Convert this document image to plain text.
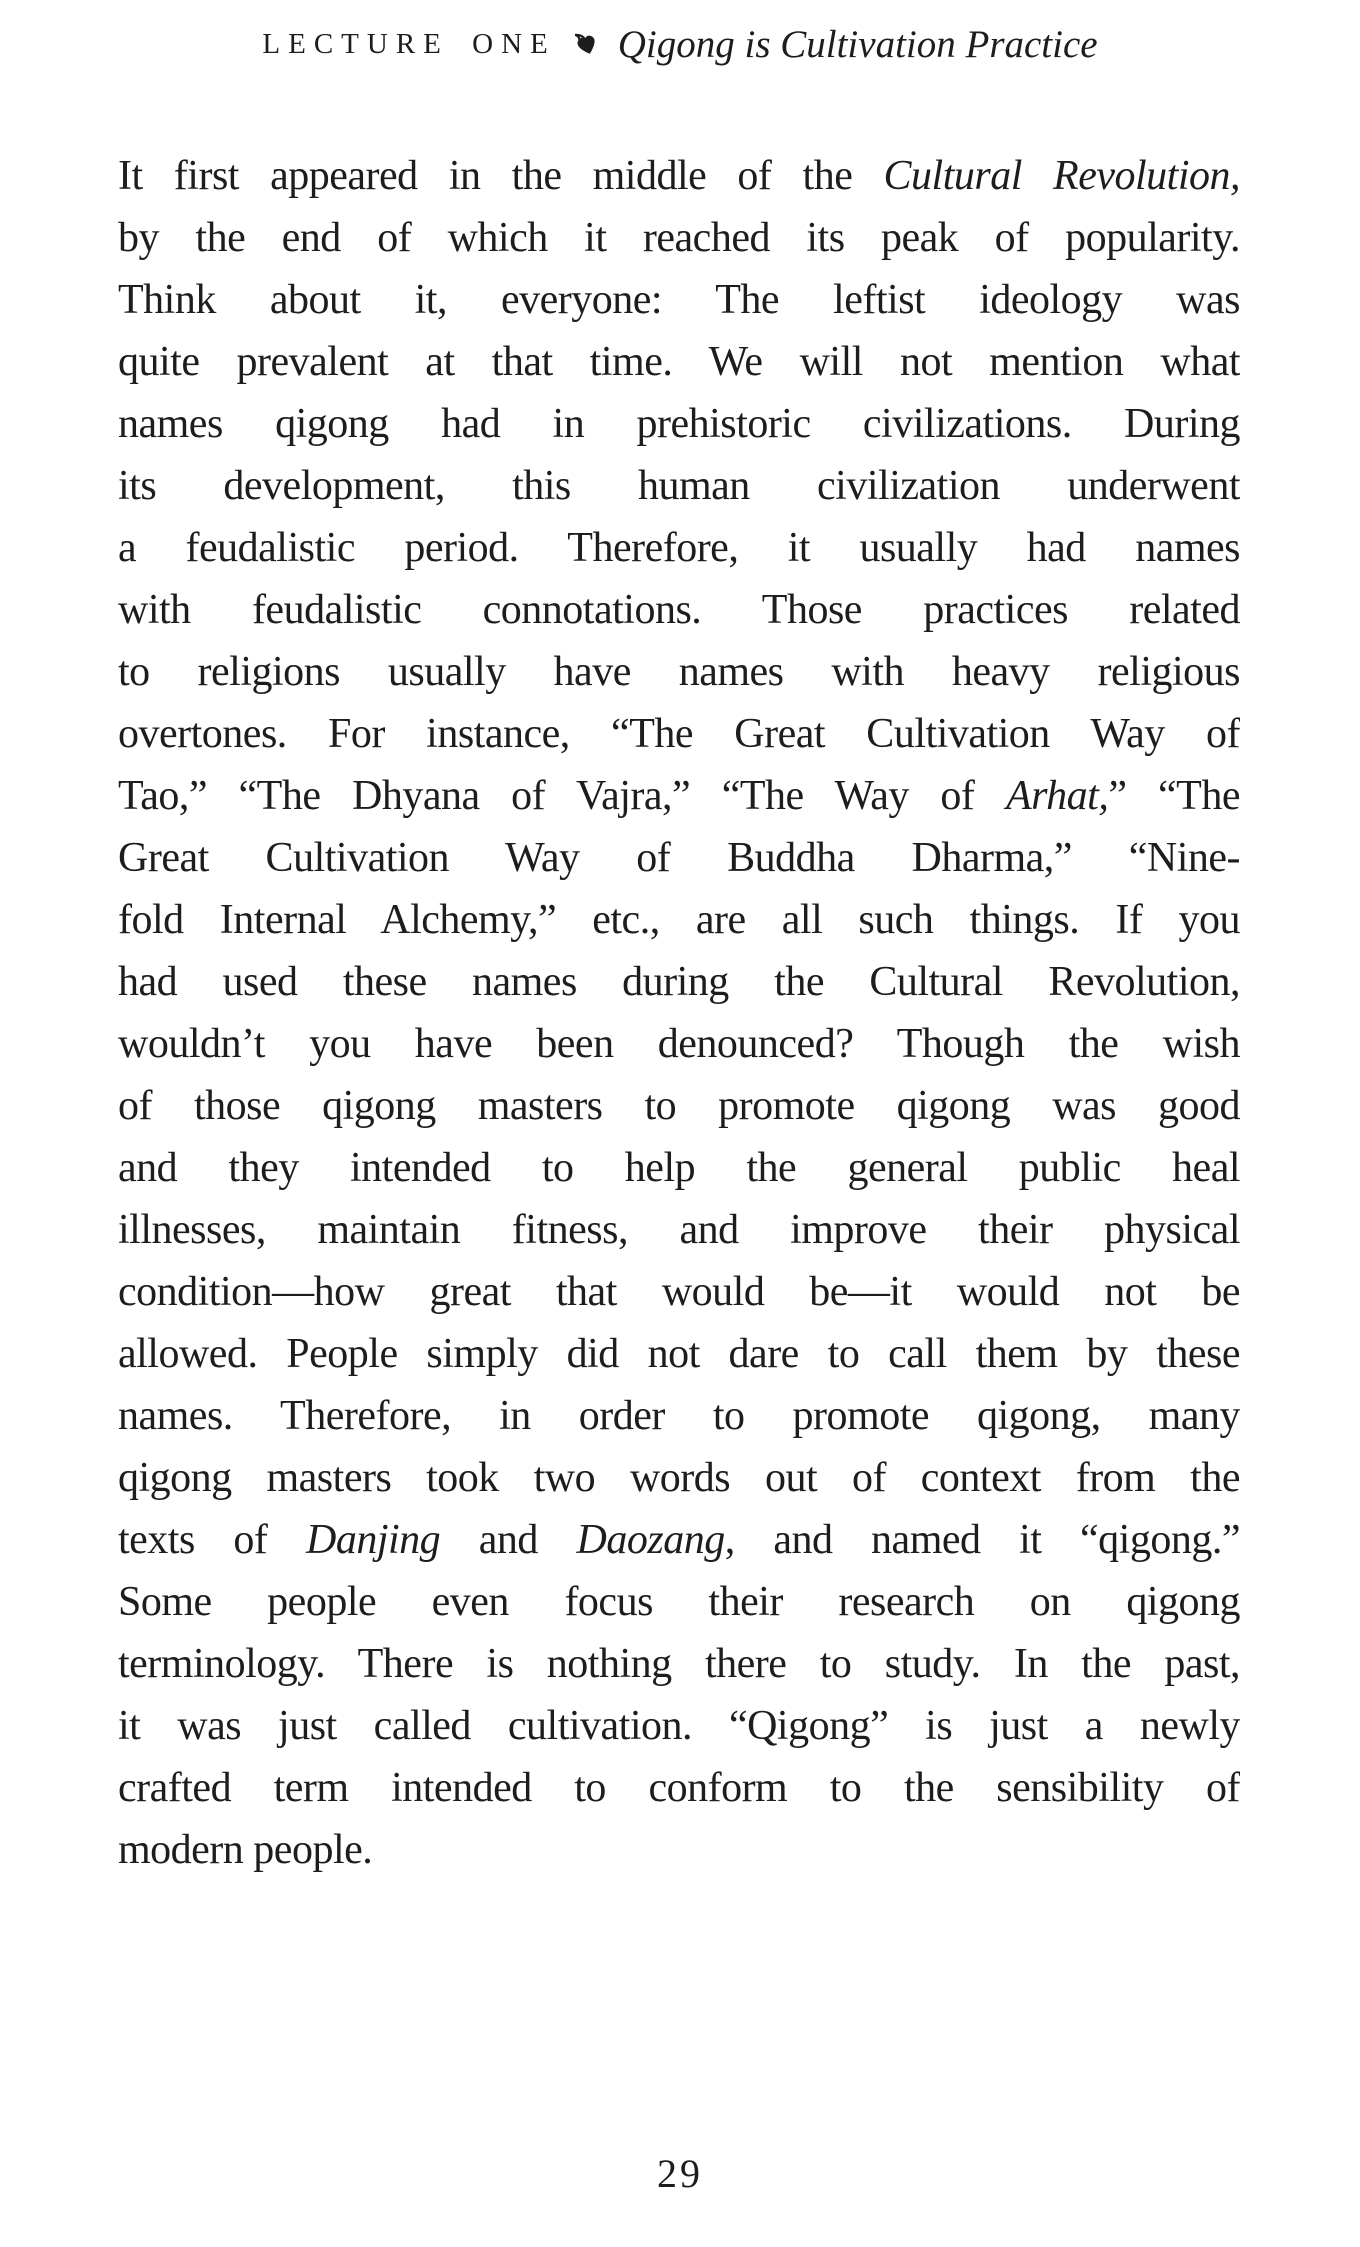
LECTURE ONE Qigong is Cultivation Practice
It first appeared in the middle of the Cultural Revolution,
by the end of which it reached its peak of popularity.
Think about it, everyone: The leftist ideology was
quite prevalent at that time. We will not mention what
names qigong had in prehistoric civilizations. During
its development, this human civilization underwent
a feudalistic period. Therefore, it usually had names
with feudalistic connotations. Those practices related
to religions usually have names with heavy religious
overtones. For instance, “The Great Cultivation Way of
Tao,” “The Dhyana of Vajra,” “The Way of Arhat,” “The
Great Cultivation Way of Buddha Dharma,” “Nine-
fold Internal Alchemy,” etc., are all such things. If you
had used these names during the Cultural Revolution,
wouldn’t you have been denounced? Though the wish
of those qigong masters to promote qigong was good
and they intended to help the general public heal
illnesses, maintain fitness, and improve their physical
condition—how great that would be—it would not be
allowed. People simply did not dare to call them by these
names. Therefore, in order to promote qigong, many
qigong masters took two words out of context from the
texts of Danjing and Daozang, and named it “qigong.”
Some people even focus their research on qigong
terminology. There is nothing there to study. In the past,
it was just called cultivation. “Qigong” is just a newly
crafted term intended to conform to the sensibility of
modern people.
29
